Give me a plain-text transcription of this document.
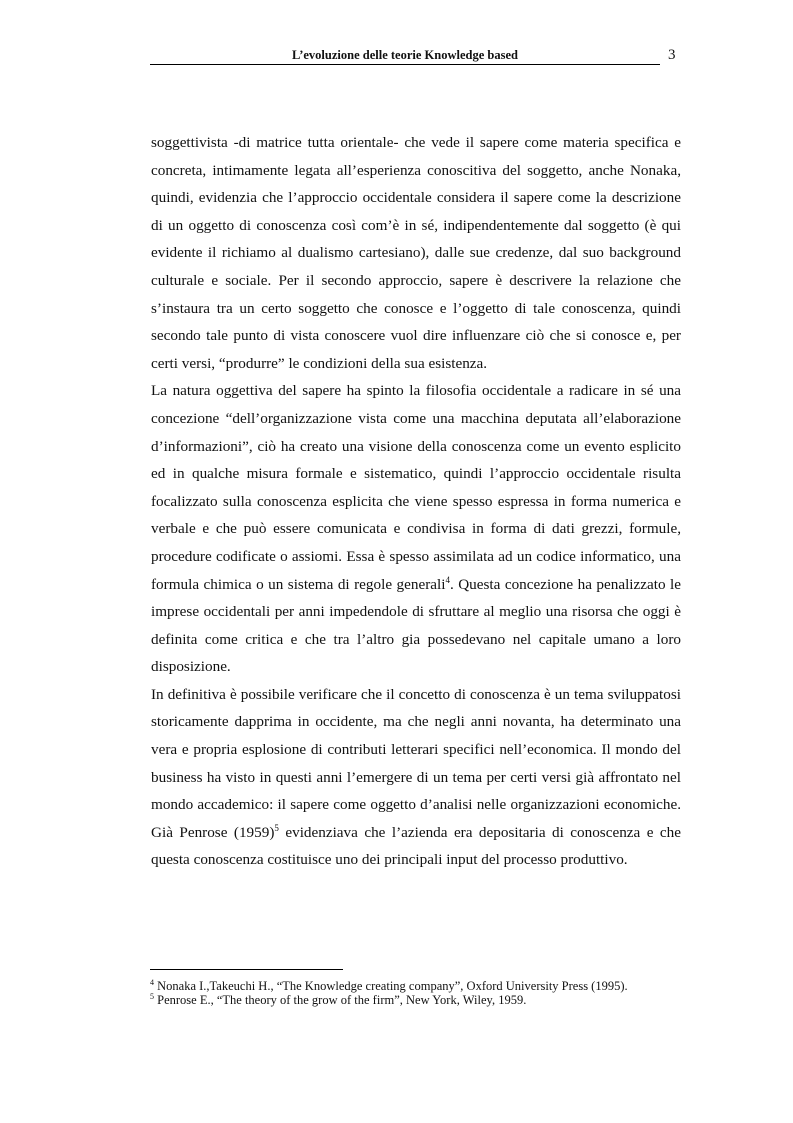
L’evoluzione delle teorie Knowledge based	3

soggettivista -di matrice tutta orientale- che vede il sapere come materia specifica e concreta, intimamente legata all’esperienza conoscitiva del soggetto, anche Nonaka, quindi, evidenzia che l’approccio occidentale considera il sapere come la descrizione di un oggetto di conoscenza così com’è in sé, indipendentemente dal soggetto (è qui evidente il richiamo al dualismo cartesiano), dalle sue credenze, dal suo background culturale e sociale. Per il secondo approccio, sapere è descrivere la relazione che s’instaura tra un certo soggetto che conosce e l’oggetto di tale conoscenza, quindi secondo tale punto di vista conoscere vuol dire influenzare ciò che si conosce e, per certi versi, “produrre” le condizioni della sua esistenza.

La natura oggettiva del sapere ha spinto la filosofia occidentale a radicare in sé una concezione “dell’organizzazione vista come una macchina deputata all’elaborazione d’informazioni”, ciò ha creato una visione della conoscenza come un evento esplicito ed in qualche misura formale e sistematico, quindi l’approccio occidentale risulta focalizzato sulla conoscenza esplicita che viene spesso espressa in forma numerica e verbale e che può essere comunicata e condivisa in forma di dati grezzi, formule, procedure codificate o assiomi. Essa è spesso assimilata ad un codice informatico, una formula chimica o un sistema di regole generali$^4$. Questa concezione ha penalizzato le imprese occidentali per anni impedendole di sfruttare al meglio una risorsa che oggi è definita come critica e che tra l’altro gia possedevano nel capitale umano a loro disposizione.

In definitiva è possibile verificare che il concetto di conoscenza è un tema sviluppatosi storicamente dapprima in occidente, ma che negli anni novanta, ha determinato una vera e propria esplosione di contributi letterari specifici nell’economica. Il mondo del business ha visto in questi anni l’emergere di un tema per certi versi già affrontato nel mondo accademico: il sapere come oggetto d’analisi nelle organizzazioni economiche. Già Penrose $(1959)^5$ evidenziava che l’azienda era depositaria di conoscenza e che questa conoscenza costituisce uno dei principali input del processo produttivo.

$^4$ Nonaka I.,Takeuchi H., “The Knowledge creating company”, Oxford University Press (1995).
$^5$ Penrose E., “The theory of the grow of the firm”, New York, Wiley, 1959.
